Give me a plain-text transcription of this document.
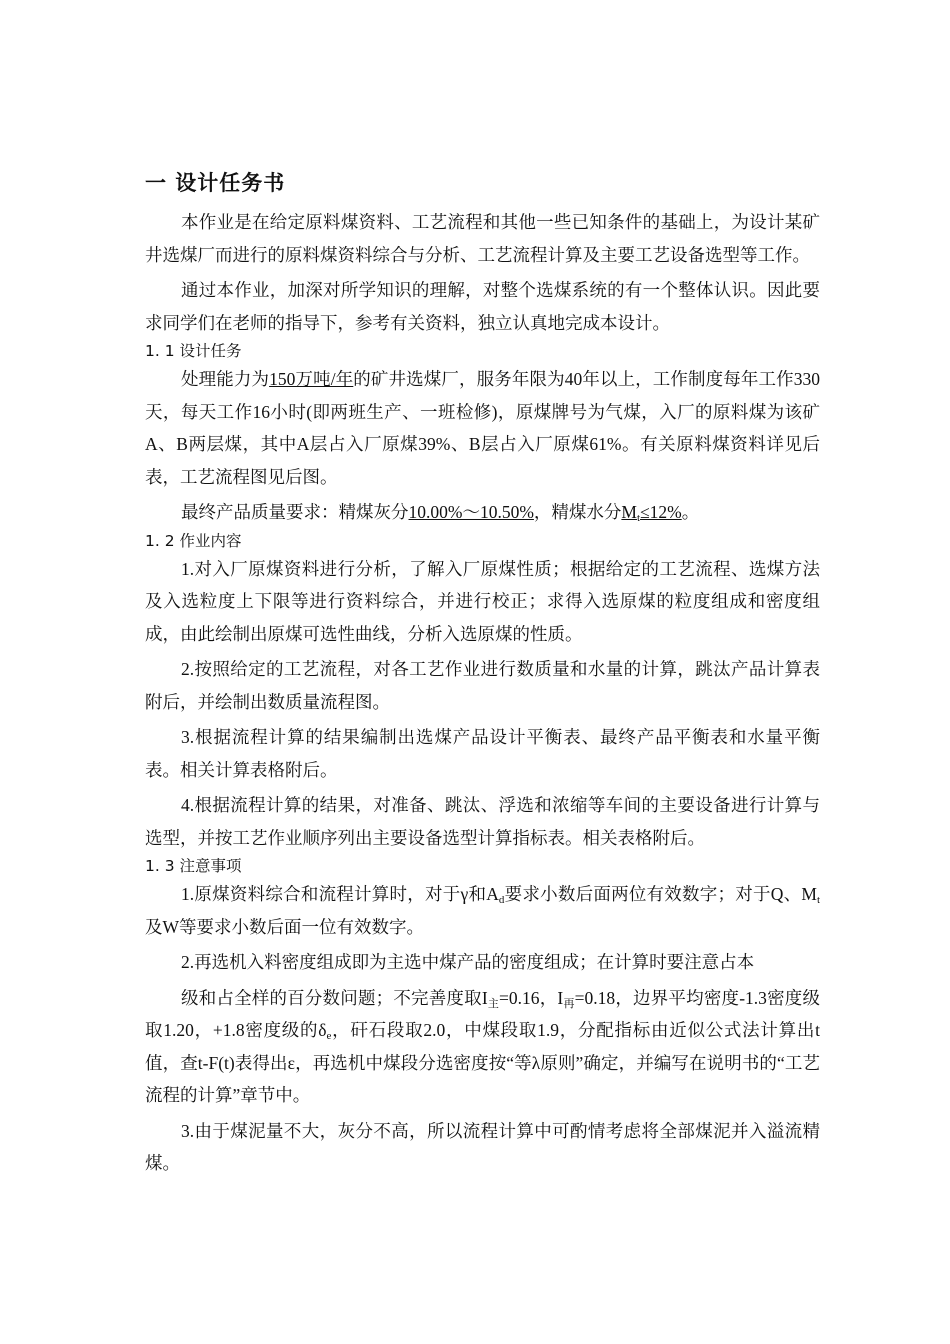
一 设计任务书

本作业是在给定原料煤资料、工艺流程和其他一些已知条件的基础上，为设计某矿井选煤厂而进行的原料煤资料综合与分析、工艺流程计算及主要工艺设备选型等工作。

通过本作业，加深对所学知识的理解，对整个选煤系统的有一个整体认识。因此要求同学们在老师的指导下，参考有关资料，独立认真地完成本设计。

1. 1 设计任务

处理能力为150万吨/年的矿井选煤厂，服务年限为40年以上，工作制度每年工作330天，每天工作16小时(即两班生产、一班检修)，原煤牌号为气煤，入厂的原料煤为该矿A、B两层煤，其中A层占入厂原煤39%、B层占入厂原煤61%。有关原料煤资料详见后表，工艺流程图见后图。

最终产品质量要求：精煤灰分10.00%～10.50%，精煤水分$M_t\le 12\%$。

1. 2 作业内容

1.对入厂原煤资料进行分析，了解入厂原煤性质；根据给定的工艺流程、选煤方法及入选粒度上下限等进行资料综合，并进行校正；求得入选原煤的粒度组成和密度组成，由此绘制出原煤可选性曲线，分析入选原煤的性质。

2.按照给定的工艺流程，对各工艺作业进行数质量和水量的计算，跳汰产品计算表附后，并绘制出数质量流程图。

3.根据流程计算的结果编制出选煤产品设计平衡表、最终产品平衡表和水量平衡表。相关计算表格附后。

4.根据流程计算的结果，对准备、跳汰、浮选和浓缩等车间的主要设备进行计算与选型，并按工艺作业顺序列出主要设备选型计算指标表。相关表格附后。

1. 3 注意事项

1.原煤资料综合和流程计算时，对于γ和$A_d$要求小数后面两位有效数字；对于Q、$M_t$及W等要求小数后面一位有效数字。

2.再选机入料密度组成即为主选中煤产品的密度组成；在计算时要注意占本

级和占全样的百分数问题；不完善度取$I_主=0.16$，$I_再=0.18$，边界平均密度-1.3密度级取1.20，+1.8密度级的$\delta_e$，矸石段取2.0，中煤段取1.9，分配指标由近似公式法计算出t值，查t-F(t)表得出ε，再选机中煤段分选密度按“等λ原则”确定，并编写在说明书的“工艺流程的计算”章节中。

3.由于煤泥量不大，灰分不高，所以流程计算中可酌情考虑将全部煤泥并入溢流精煤。
